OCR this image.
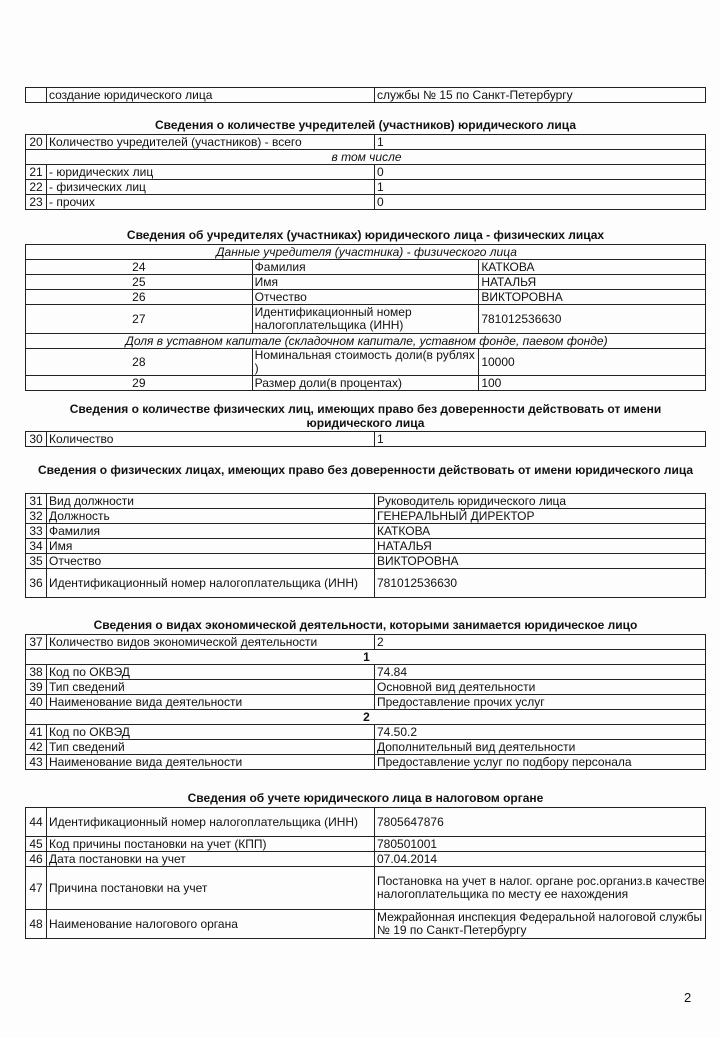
	создание юридического лица	службы № 15 по Санкт-Петербургу
Сведения о количестве учредителей (участников) юридического лица
20	Количество учредителей (участников) - всего	1
в том числе		
21	- юридических лиц	0
22	- физических лиц	1
23	- прочих	0
Сведения об учредителях (участниках) юридического лица - физических лицах
Данные учредителя (участника) - физического лица		
24	Фамилия	КАТКОВА
25	Имя	НАТАЛЬЯ
26	Отчество	ВИКТОРОВНА
27	Идентификационный номер налогоплательщика (ИНН)	781012536630
Доля в уставном капитале (складочном капитале, уставном фонде, паевом фонде)		
28	Номинальная стоимость доли(в рублях )	10000
29	Размер доли(в процентах)	100
Сведения о количестве физических лиц, имеющих право без доверенности действовать от имени юридического лица
30	Количество	1
Сведения о физических лицах, имеющих право без доверенности действовать от имени юридического лица
31	Вид должности	Руководитель юридического лица
32	Должность	ГЕНЕРАЛЬНЫЙ ДИРЕКТОР
33	Фамилия	КАТКОВА
34	Имя	НАТАЛЬЯ
35	Отчество	ВИКТОРОВНА
36	Идентификационный номер налогоплательщика (ИНН)	781012536630
Сведения о видах экономической деятельности, которыми занимается юридическое лицо
37	Количество видов экономической деятельности	2
1		
38	Код по ОКВЭД	74.84
39	Тип сведений	Основной вид деятельности
40	Наименование вида деятельности	Предоставление прочих услуг
2		
41	Код по ОКВЭД	74.50.2
42	Тип сведений	Дополнительный вид деятельности
43	Наименование вида деятельности	Предоставление услуг по подбору персонала
Сведения об учете юридического лица в налоговом органе
44	Идентификационный номер налогоплательщика (ИНН)	7805647876
45	Код причины постановки на учет (КПП)	780501001
46	Дата постановки на учет	07.04.2014
47	Причина постановки на учет	Постановка на учет в налог. органе рос.организ.в качестве налогоплательщика по месту ее нахождения
48	Наименование налогового органа	Межрайонная инспекция Федеральной налоговой службы № 19 по Санкт-Петербургу
2
